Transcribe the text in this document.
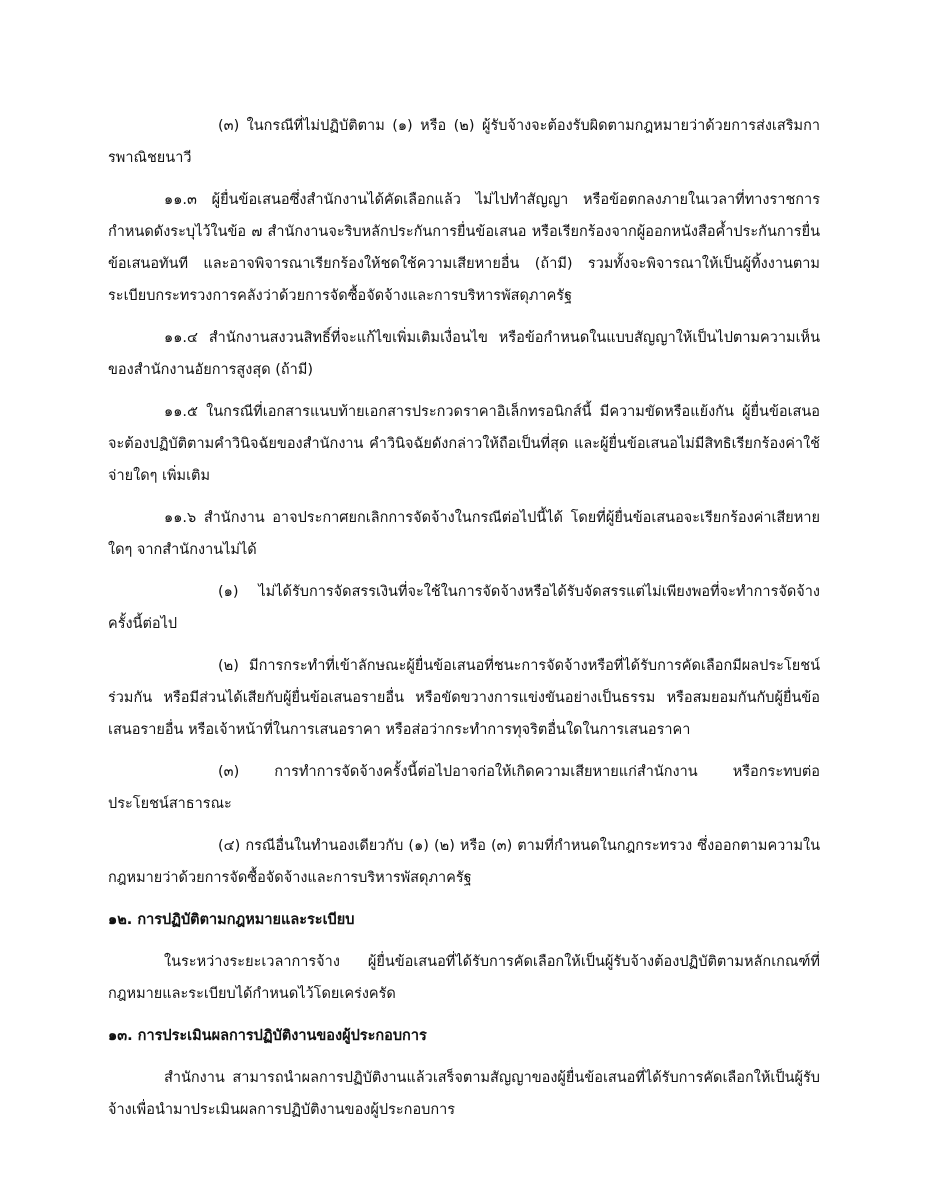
(๓) ในกรณีที่ไม่ปฏิบัติตาม (๑) หรือ (๒) ผู้รับจ้างจะต้องรับผิดตามกฎหมายว่าด้วยการส่งเสริมการพาณิชยนาวี

๑๑.๓ ผู้ยื่นข้อเสนอซึ่งสำนักงานได้คัดเลือกแล้ว ไม่ไปทำสัญญา หรือข้อตกลงภายในเวลาที่ทางราชการกำหนดดังระบุไว้ในข้อ ๗ สำนักงานจะริบหลักประกันการยื่นข้อเสนอ หรือเรียกร้องจากผู้ออกหนังสือค้ำประกันการยื่นข้อเสนอทันที และอาจพิจารณาเรียกร้องให้ชดใช้ความเสียหายอื่น (ถ้ามี) รวมทั้งจะพิจารณาให้เป็นผู้ทิ้งงานตามระเบียบกระทรวงการคลังว่าด้วยการจัดซื้อจัดจ้างและการบริหารพัสดุภาครัฐ

๑๑.๔ สำนักงานสงวนสิทธิ์ที่จะแก้ไขเพิ่มเติมเงื่อนไข หรือข้อกำหนดในแบบสัญญาให้เป็นไปตามความเห็นของสำนักงานอัยการสูงสุด (ถ้ามี)

๑๑.๕ ในกรณีที่เอกสารแนบท้ายเอกสารประกวดราคาอิเล็กทรอนิกส์นี้ มีความขัดหรือแย้งกัน ผู้ยื่นข้อเสนอจะต้องปฏิบัติตามคำวินิจฉัยของสำนักงาน คำวินิจฉัยดังกล่าวให้ถือเป็นที่สุด และผู้ยื่นข้อเสนอไม่มีสิทธิเรียกร้องค่าใช้จ่ายใดๆ เพิ่มเติม

๑๑.๖ สำนักงาน อาจประกาศยกเลิกการจัดจ้างในกรณีต่อไปนี้ได้ โดยที่ผู้ยื่นข้อเสนอจะเรียกร้องค่าเสียหายใดๆ จากสำนักงานไม่ได้

(๑) ไม่ได้รับการจัดสรรเงินที่จะใช้ในการจัดจ้างหรือได้รับจัดสรรแต่ไม่เพียงพอที่จะทำการจัดจ้างครั้งนี้ต่อไป

(๒) มีการกระทำที่เข้าลักษณะผู้ยื่นข้อเสนอที่ชนะการจัดจ้างหรือที่ได้รับการคัดเลือกมีผลประโยชน์ร่วมกัน หรือมีส่วนได้เสียกับผู้ยื่นข้อเสนอรายอื่น หรือขัดขวางการแข่งขันอย่างเป็นธรรม หรือสมยอมกันกับผู้ยื่นข้อเสนอรายอื่น หรือเจ้าหน้าที่ในการเสนอราคา หรือส่อว่ากระทำการทุจริตอื่นใดในการเสนอราคา

(๓) การทำการจัดจ้างครั้งนี้ต่อไปอาจก่อให้เกิดความเสียหายแก่สำนักงาน หรือกระทบต่อประโยชน์สาธารณะ

(๔) กรณีอื่นในทำนองเดียวกับ (๑) (๒) หรือ (๓) ตามที่กำหนดในกฎกระทรวง ซึ่งออกตามความในกฎหมายว่าด้วยการจัดซื้อจัดจ้างและการบริหารพัสดุภาครัฐ

๑๒. การปฏิบัติตามกฎหมายและระเบียบ

ในระหว่างระยะเวลาการจ้าง ผู้ยื่นข้อเสนอที่ได้รับการคัดเลือกให้เป็นผู้รับจ้างต้องปฏิบัติตามหลักเกณฑ์ที่กฎหมายและระเบียบได้กำหนดไว้โดยเคร่งครัด

๑๓. การประเมินผลการปฏิบัติงานของผู้ประกอบการ

สำนักงาน สามารถนำผลการปฏิบัติงานแล้วเสร็จตามสัญญาของผู้ยื่นข้อเสนอที่ได้รับการคัดเลือกให้เป็นผู้รับจ้างเพื่อนำมาประเมินผลการปฏิบัติงานของผู้ประกอบการ
